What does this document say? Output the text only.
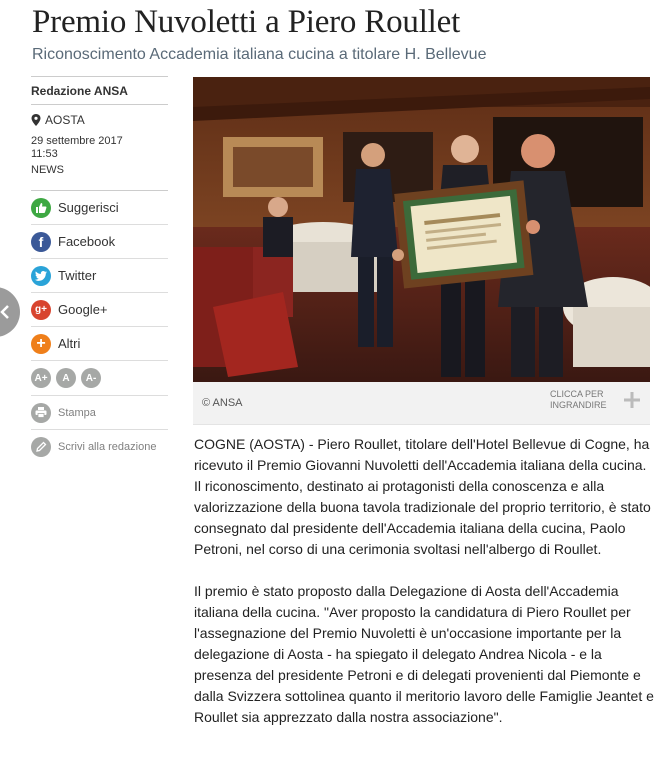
Premio Nuvoletti a Piero Roullet
Riconoscimento Accademia italiana cucina a titolare H. Bellevue
Redazione ANSA
AOSTA
29 settembre 2017
11:53
NEWS
Suggerisci
f	Facebook
Twitter
g+ Google+
+ Altri
A+	A	A-
Stampa
Scrivi alla redazione
© ANSA
CLICCA PER INGRANDIRE

COGNE (AOSTA) - Piero Roullet, titolare dell'Hotel Bellevue di Cogne, ha ricevuto il Premio Giovanni Nuvoletti dell'Accademia italiana della cucina. Il riconoscimento, destinato ai protagonisti della conoscenza e alla valorizzazione della buona tavola tradizionale del proprio territorio, è stato consegnato dal presidente dell'Accademia italiana della cucina, Paolo Petroni, nel corso di una cerimonia svoltasi nell'albergo di Roullet.

Il premio è stato proposto dalla Delegazione di Aosta dell'Accademia italiana della cucina. "Aver proposto la candidatura di Piero Roullet per l'assegnazione del Premio Nuvoletti è un'occasione importante per la delegazione di Aosta - ha spiegato il delegato Andrea Nicola - e la presenza del presidente Petroni e di delegati provenienti dal Piemonte e dalla Svizzera sottolinea quanto il meritorio lavoro delle Famiglie Jeantet e Roullet sia apprezzato dalla nostra associazione".
